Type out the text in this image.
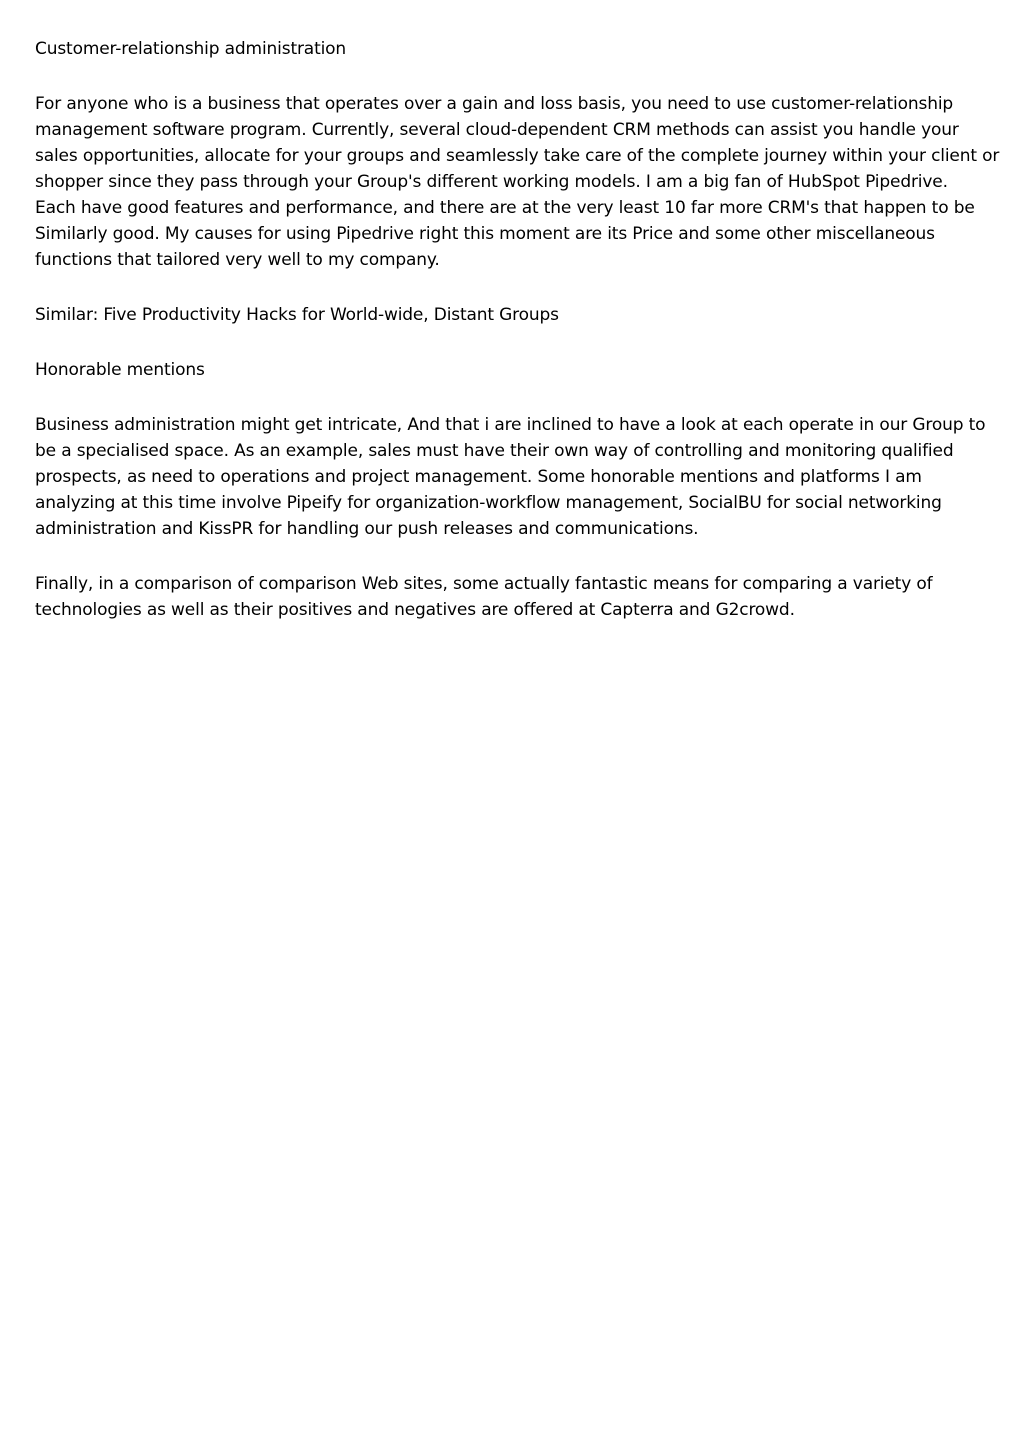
Customer-relationship administration

For anyone who is a business that operates over a gain and loss basis, you need to use customer-relationship
management software program. Currently, several cloud-dependent CRM methods can assist you handle your
sales opportunities, allocate for your groups and seamlessly take care of the complete journey within your client or
shopper since they pass through your Group's different working models. I am a big fan of HubSpot Pipedrive.
Each have good features and performance, and there are at the very least 10 far more CRM's that happen to be
Similarly good. My causes for using Pipedrive right this moment are its Price and some other miscellaneous
functions that tailored very well to my company.

Similar: Five Productivity Hacks for World-wide, Distant Groups

Honorable mentions

Business administration might get intricate, And that i are inclined to have a look at each operate in our Group to
be a specialised space. As an example, sales must have their own way of controlling and monitoring qualified
prospects, as need to operations and project management. Some honorable mentions and platforms I am
analyzing at this time involve Pipeify for organization-workflow management, SocialBU for social networking
administration and KissPR for handling our push releases and communications.

Finally, in a comparison of comparison Web sites, some actually fantastic means for comparing a variety of
technologies as well as their positives and negatives are offered at Capterra and G2crowd.
